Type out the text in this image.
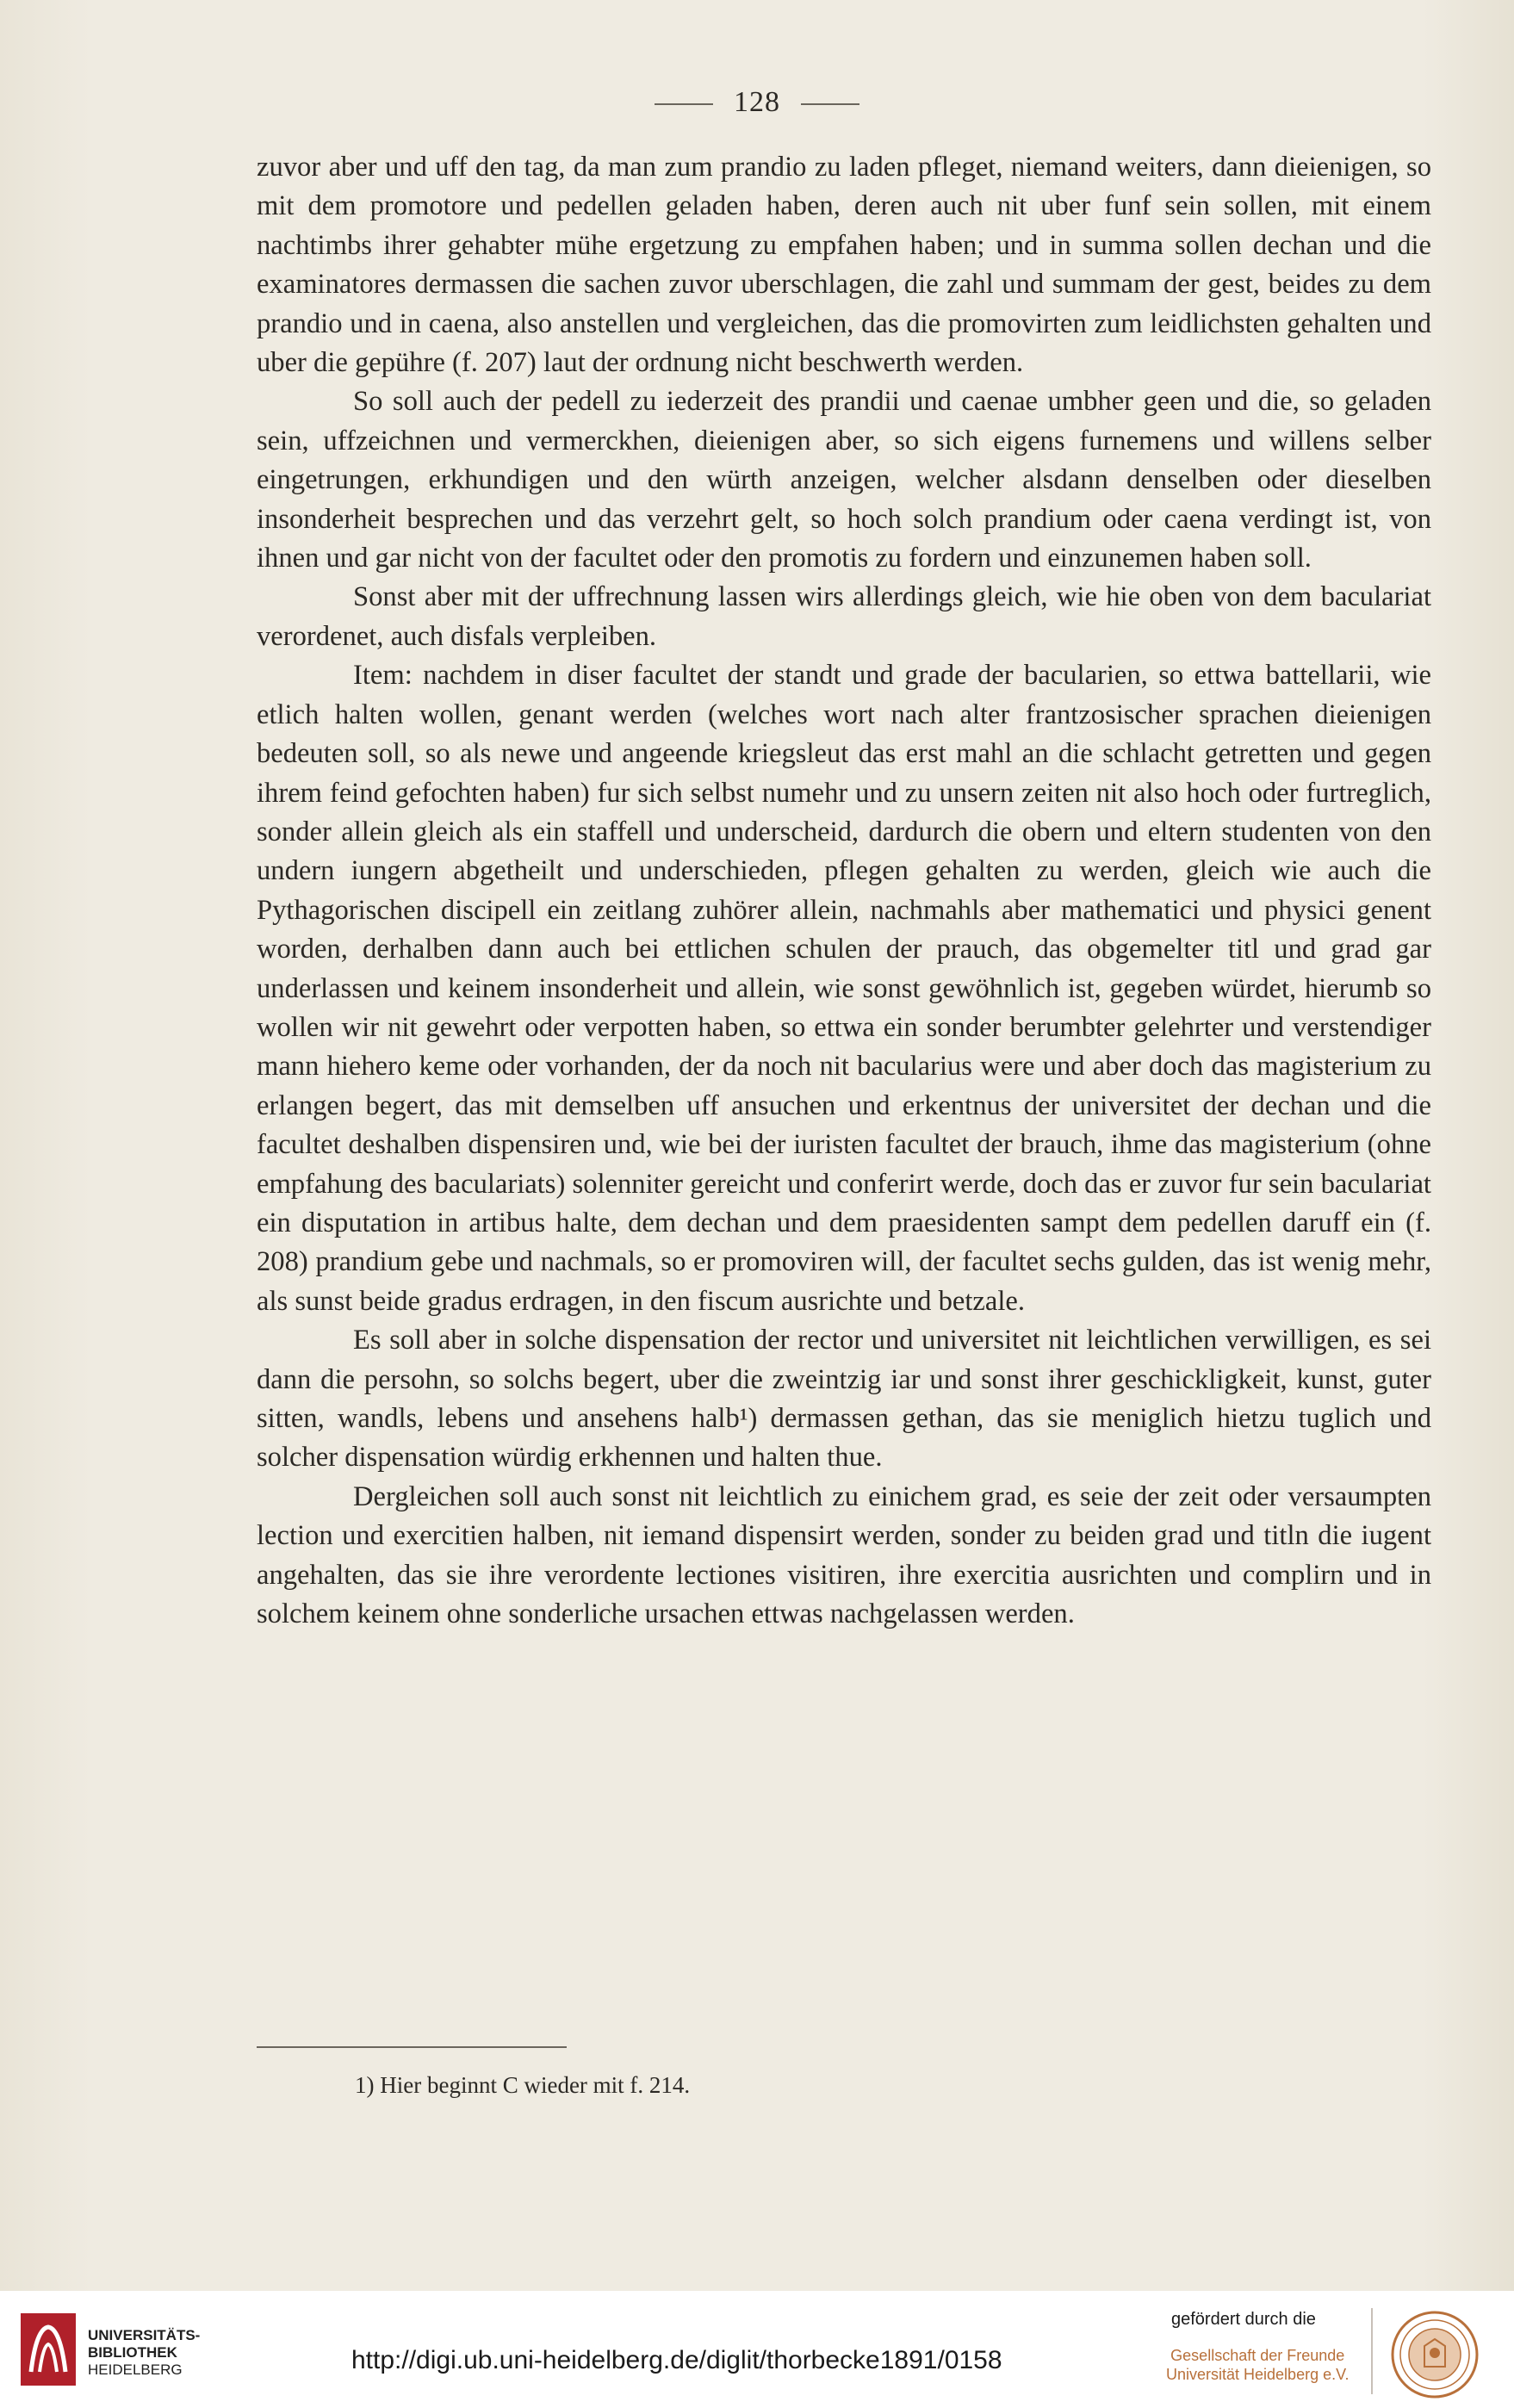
128

zuvor aber und uff den tag, da man zum prandio zu laden pfleget, niemand weiters, dann dieienigen, so mit dem promotore und pedellen geladen haben, deren auch nit uber funf sein sollen, mit einem nachtimbs ihrer gehabter mühe ergetzung zu empfahen haben; und in summa sollen dechan und die examinatores dermassen die sachen zuvor uberschlagen, die zahl und summam der gest, beides zu dem prandio und in caena, also anstellen und vergleichen, das die promovirten zum leidlichsten gehalten und uber die gepühre (f. 207) laut der ordnung nicht beschwerth werden.

So soll auch der pedell zu iederzeit des prandii und caenae umbher geen und die, so geladen sein, uffzeichnen und vermerckhen, dieienigen aber, so sich eigens furnemens und willens selber eingetrungen, erkhundigen und den würth anzeigen, welcher alsdann denselben oder dieselben insonderheit besprechen und das verzehrt gelt, so hoch solch prandium oder caena verdingt ist, von ihnen und gar nicht von der facultet oder den promotis zu fordern und einzunemen haben soll.

Sonst aber mit der uffrechnung lassen wirs allerdings gleich, wie hie oben von dem baculariat verordenet, auch disfals verpleiben.

Item: nachdem in diser facultet der standt und grade der bacularien, so ettwa battellarii, wie etlich halten wollen, genant werden (welches wort nach alter frantzosischer sprachen dieienigen bedeuten soll, so als newe und angeende kriegsleut das erst mahl an die schlacht getretten und gegen ihrem feind gefochten haben) fur sich selbst numehr und zu unsern zeiten nit also hoch oder furtreglich, sonder allein gleich als ein staffell und underscheid, dardurch die obern und eltern studenten von den undern iungern abgetheilt und underschieden, pflegen gehalten zu werden, gleich wie auch die Pythagorischen discipell ein zeitlang zuhörer allein, nachmahls aber mathematici und physici genent worden, derhalben dann auch bei ettlichen schulen der prauch, das obgemelter titl und grad gar underlassen und keinem insonderheit und allein, wie sonst gewöhnlich ist, gegeben würdet, hierumb so wollen wir nit gewehrt oder verpotten haben, so ettwa ein sonder berumbter gelehrter und verstendiger mann hiehero keme oder vorhanden, der da noch nit bacularius were und aber doch das magisterium zu erlangen begert, das mit demselben uff ansuchen und erkentnus der universitet der dechan und die facultet deshalben dispensiren und, wie bei der iuristen facultet der brauch, ihme das magisterium (ohne empfahung des baculariats) solenniter gereicht und conferirt werde, doch das er zuvor fur sein baculariat ein disputation in artibus halte, dem dechan und dem praesidenten sampt dem pedellen daruff ein (f. 208) prandium gebe und nachmals, so er promoviren will, der facultet sechs gulden, das ist wenig mehr, als sunst beide gradus erdragen, in den fiscum ausrichte und betzale.

Es soll aber in solche dispensation der rector und universitet nit leichtlichen verwilligen, es sei dann die persohn, so solchs begert, uber die zweintzig iar und sonst ihrer geschickligkeit, kunst, guter sitten, wandls, lebens und ansehens halb¹) dermassen gethan, das sie meniglich hietzu tuglich und solcher dispensation würdig erkhennen und halten thue.

Dergleichen soll auch sonst nit leichtlich zu einichem grad, es seie der zeit oder versaumpten lection und exercitien halben, nit iemand dispensirt werden, sonder zu beiden grad und titln die iugent angehalten, das sie ihre verordente lectiones visitiren, ihre exercitia ausrichten und complirn und in solchem keinem ohne sonderliche ursachen ettwas nachgelassen werden.

1) Hier beginnt C wieder mit f. 214.
UNIVERSITÄTS-
BIBLIOTHEK
HEIDELBERG	http://digi.ub.uni-heidelberg.de/diglit/thorbecke1891/0158
gefördert durch die
Gesellschaft der Freunde
Universität Heidelberg e.V.
